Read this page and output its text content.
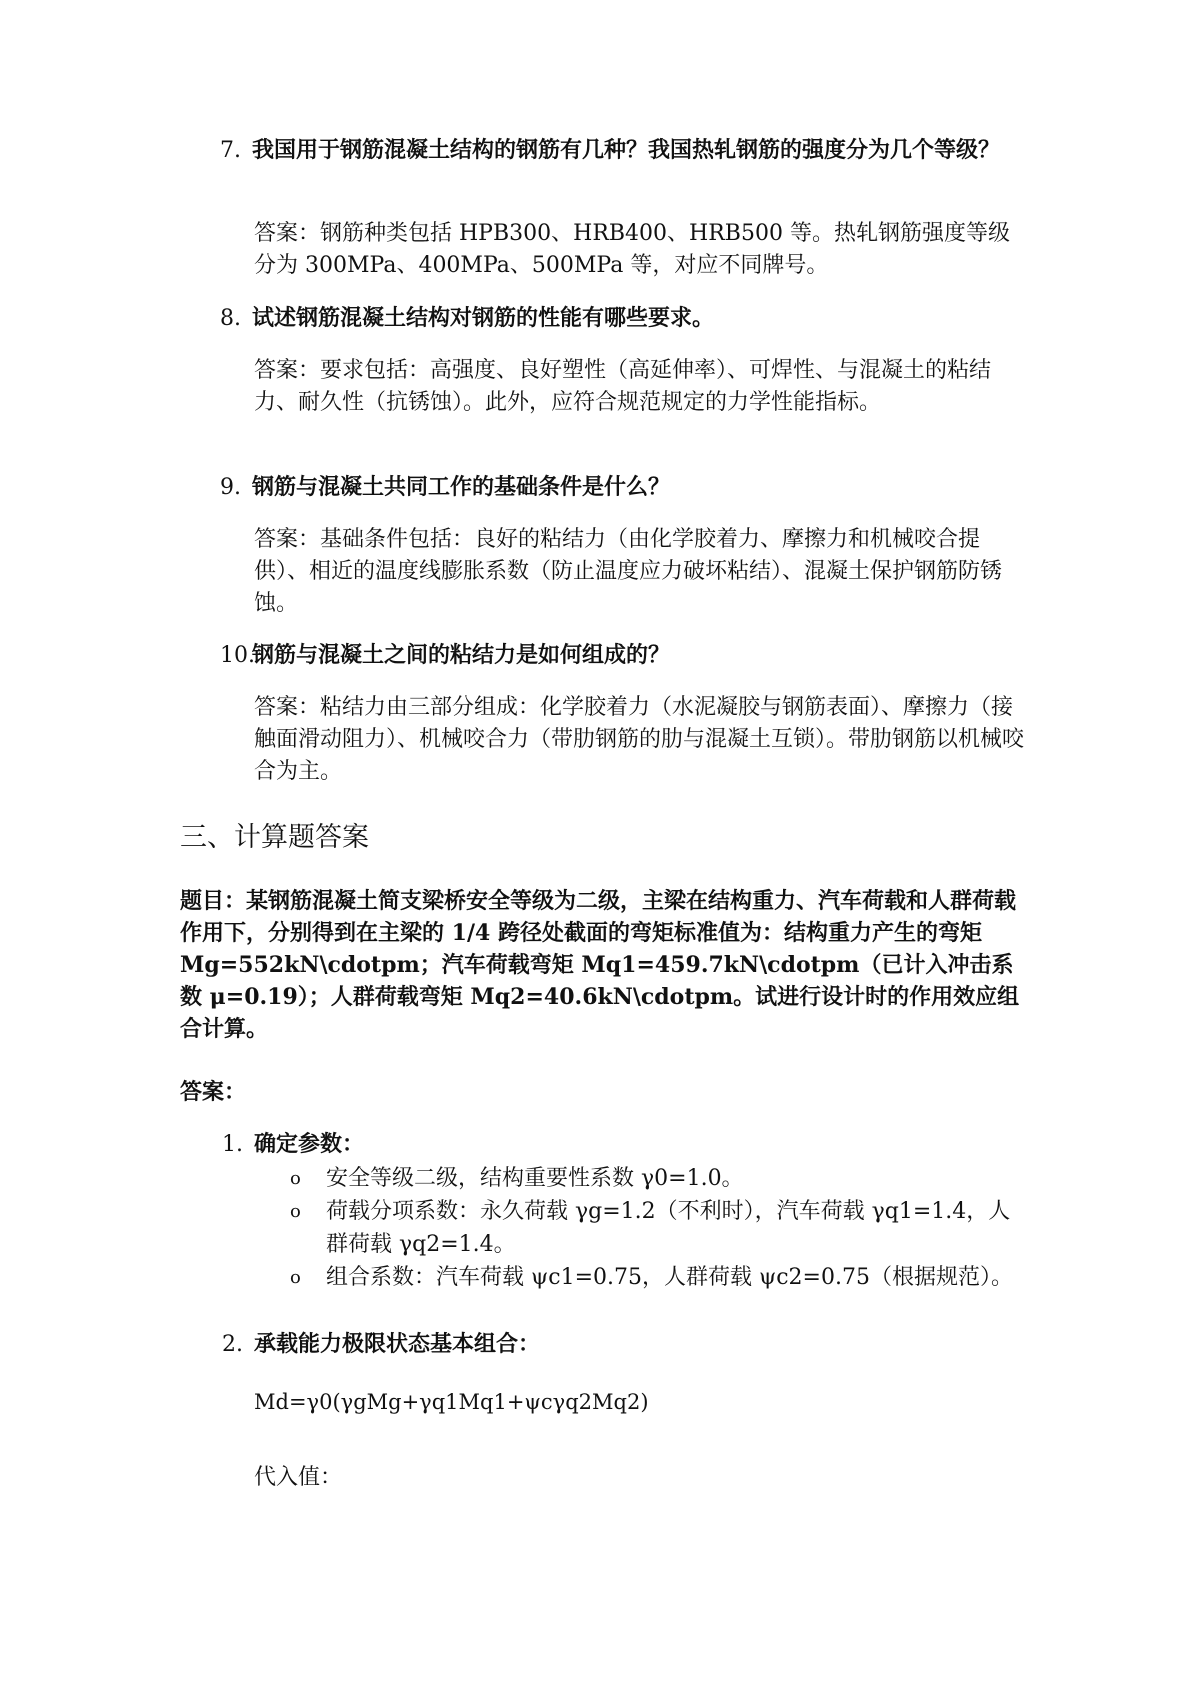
7. 我国用于钢筋混凝土结构的钢筋有几种？我国热轧钢筋的强度分为几个等级？
答案：钢筋种类包括 HPB300、HRB400、HRB500 等。热轧钢筋强度等级分为 300MPa、400MPa、500MPa 等，对应不同牌号。
8. 试述钢筋混凝土结构对钢筋的性能有哪些要求。
答案：要求包括：高强度、良好塑性（高延伸率）、可焊性、与混凝土的粘结力、耐久性（抗锈蚀）。此外，应符合规范规定的力学性能指标。
9. 钢筋与混凝土共同工作的基础条件是什么？
答案：基础条件包括：良好的粘结力（由化学胶着力、摩擦力和机械咬合提供）、相近的温度线膨胀系数（防止温度应力破坏粘结）、混凝土保护钢筋防锈蚀。
10.
钢筋与混凝土之间的粘结力是如何组成的？
答案：粘结力由三部分组成：化学胶着力（水泥凝胶与钢筋表面）、摩擦力（接触面滑动阻力）、机械咬合力（带肋钢筋的肋与混凝土互锁）。带肋钢筋以机械咬合为主。
三、计算题答案
题目：某钢筋混凝土简支梁桥安全等级为二级，主梁在结构重力、汽车荷载和人群荷载作用下，分别得到在主梁的 1/4 跨径处截面的弯矩标准值为：结构重力产生的弯矩 Mg=552kN\cdotpm；汽车荷载弯矩 Mq1=459.7kN\cdotpm（已计入冲击系数 μ=0.19）；人群荷载弯矩 Mq2=40.6kN\cdotpm。试进行设计时的作用效应组合计算。
答案：
1. 确定参数：
o	安全等级二级，结构重要性系数 γ0=1.0。
o	荷载分项系数：永久荷载 γg=1.2（不利时），汽车荷载 γq1=1.4，人群荷载 γq2=1.4。
o	组合系数：汽车荷载 ψc1=0.75，人群荷载 ψc2=0.75（根据规范）。
2. 承载能力极限状态基本组合：
Md=γ0(γgMg+γq1Mq1+ψcγq2Mq2)
代入值：
